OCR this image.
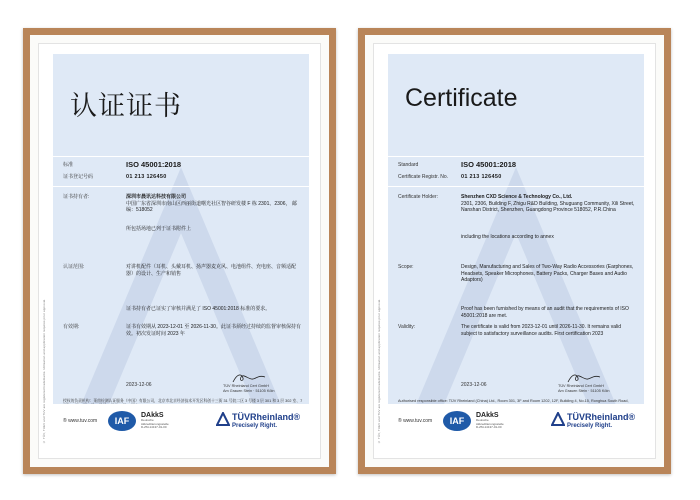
© TÜV, TUEV and TUV are registered trademarks. Utilisation and application requires prior approval.
认证证书
标准	ISO 45001:2018
证书登记号码	01 213 126450
证书持有者:	深圳市晨讯达科技有限公司
中国广东省深圳市南山区西丽街道曙光社区智谷研发楼 F 栋 2301、2306， 邮编：518052
所包括场地已列于证书附件上
认证范围:	对讲机配件（耳机、头戴耳机、扬声器麦克风、电池组件、充电座、音频适配器）的设计、生产和销售
证书持有者已证实了审核并满足了 ISO 45001:2018 标准的要求。
有效期:	证书有效期从 2023-12-01 至 2026-11-30。此证书须经过持续的监督审核保持有效。初次发证时间 2023 年
2023-12-06	TÜV Rheinland Cert GmbH
Am Grauen Stein · 51105 Köln
授权的负责机构：莱茵检测认证服务（中国）有限公司，北京市北京经济技术开发区科创十三街 31 号院二区 3 号楼 3 层 301 和 3 层 302 室、7
® www.tuv.com	IAF
DAkkS
Deutsche
Akkreditierungsstelle
D-ZM-14137-01-00
TÜVRheinland®
Precisely Right.	© TÜV, TUEV and TUV are registered trademarks. Utilisation and application requires prior approval.
Certificate
Standard	ISO 45001:2018
Certificate Registr. No.	01 213 126450
Certificate Holder:	Shenzhen CXD Science & Technology Co., Ltd.
2301, 2306, Building F, Zhigu R&D Building, Shuguang Community, Xili Street, Nanshan District, Shenzhen, Guangdong Province 518052, P.R.China
including the locations according to annex
Scope:	Design, Manufacturing and Sales of Two-Way Radio Accessories (Earphones, Headsets, Speaker Microphones, Battery Packs, Charger Bases and Audio Adaptors)
Proof has been furnished by means of an audit that the requirements of ISO 45001:2018 are met.
Validity:	The certificate is valid from 2023-12-01 until 2026-11-30. It remains valid subject to satisfactory surveillance audits. First certification 2023
2023-12-06	TÜV Rheinland Cert GmbH
Am Grauen Stein · 51105 Köln
Authorised responsible office: TÜV Rheinland (China) Ltd., Room 301, 3F and Room 1202, 12F, Building 4, No.15, Ronghua South Road,
® www.tuv.com	IAF
DAkkS
Deutsche
Akkreditierungsstelle
D-ZM-14137-01-00
TÜVRheinland®
Precisely Right.
